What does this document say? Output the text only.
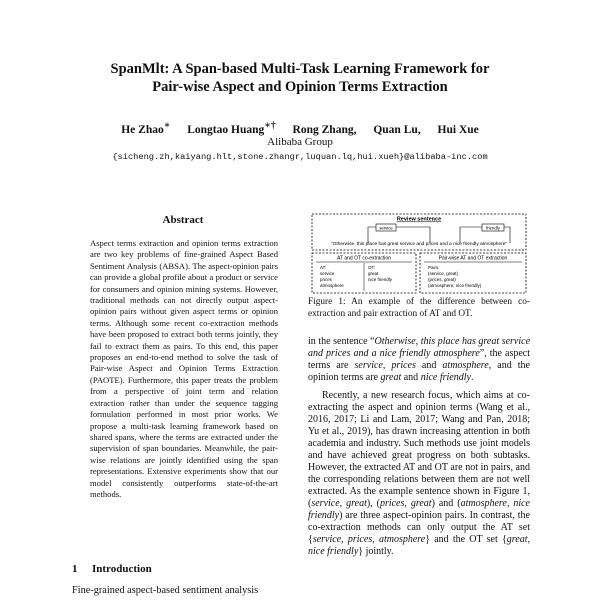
SpanMlt: A Span-based Multi-Task Learning Framework for
Pair-wise Aspect and Opinion Terms Extraction
He Zhao∗ Longtao Huang∗† Rong Zhang, Quan Lu, Hui Xue
Alibaba Group
{sicheng.zh,kaiyang.hlt,stone.zhangr,luquan.lq,hui.xueh}@alibaba-inc.com
Abstract
Aspect terms extraction and opinion terms extraction are two key problems of fine-grained Aspect Based Sentiment Analysis (ABSA). The aspect-opinion pairs can provide a global profile about a product or service for consumers and opinion mining systems. However, traditional methods can not directly output aspect-opinion pairs without given aspect terms or opinion terms. Although some recent co-extraction methods have been proposed to extract both terms jointly, they fail to extract them as pairs. To this end, this paper proposes an end-to-end method to solve the task of Pair-wise Aspect and Opinion Terms Extraction (PAOTE). Furthermore, this paper treats the problem from a perspective of joint term and relation extraction rather than under the sequence tagging formulation performed in most prior works. We propose a multi-task learning framework based on shared spans, where the terms are extracted under the supervision of span boundaries. Meanwhile, the pair-wise relations are jointly identified using the span representations. Extensive experiments show that our model consistently outperforms state-of-the-art methods.
1 Introduction
Fine-grained aspect-based sentiment analysis
Review sentence
service	friendly
"Otherwise, this place has great service and prices and a nice friendly atmosphere"
AT and OT co-extraction
AT:
service
prices
atmosphere
OT:
great
nice friendly
Pair-wise AT and OT extraction
Pairs:
(service, great)
(prices, great)
(atmosphere, nice friendly)
Figure 1: An example of the difference between co-extraction and pair extraction of AT and OT.

in the sentence “Otherwise, this place has great service and prices and a nice friendly atmosphere”, the aspect terms are service, prices and atmosphere, and the opinion terms are great and nice friendly.

Recently, a new research focus, which aims at co-extracting the aspect and opinion terms (Wang et al., 2016, 2017; Li and Lam, 2017; Wang and Pan, 2018; Yu et al., 2019), has drawn increasing attention in both academia and industry. Such methods use joint models and have achieved great progress on both subtasks. However, the extracted AT and OT are not in pairs, and the corresponding relations between them are not well extracted. As the example sentence shown in Figure 1, (service, great), (prices, great) and (atmosphere, nice friendly) are three aspect-opinion pairs. In contrast, the co-extraction methods can only output the AT set {service, prices, atmosphere} and the OT set {great, nice friendly} jointly.
